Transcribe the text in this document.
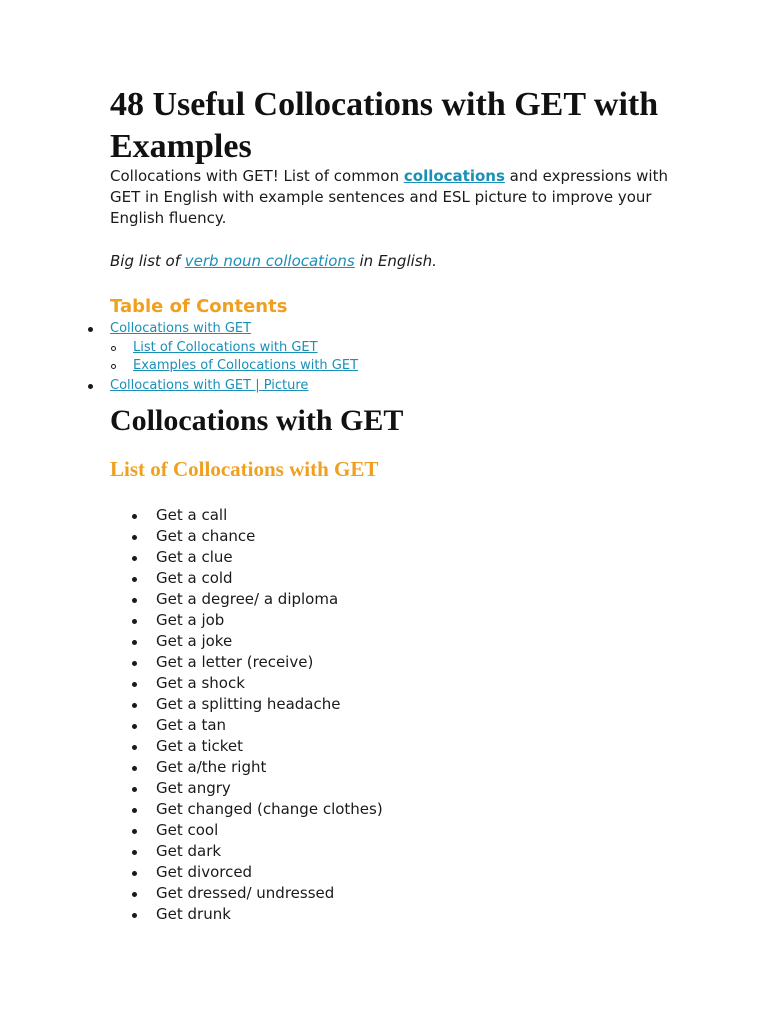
48 Useful Collocations with GET with Examples

Collocations with GET! List of common collocations and expressions with GET in English with example sentences and ESL picture to improve your English fluency.

Big list of verb noun collocations in English.

Table of Contents
Collocations with GET
List of Collocations with GET
Examples of Collocations with GET
Collocations with GET | Picture
Collocations with GET
List of Collocations with GET
Get a call
Get a chance
Get a clue
Get a cold
Get a degree/ a diploma
Get a job
Get a joke
Get a letter (receive)
Get a shock
Get a splitting headache
Get a tan
Get a ticket
Get a/the right
Get angry
Get changed (change clothes)
Get cool
Get dark
Get divorced
Get dressed/ undressed
Get drunk
